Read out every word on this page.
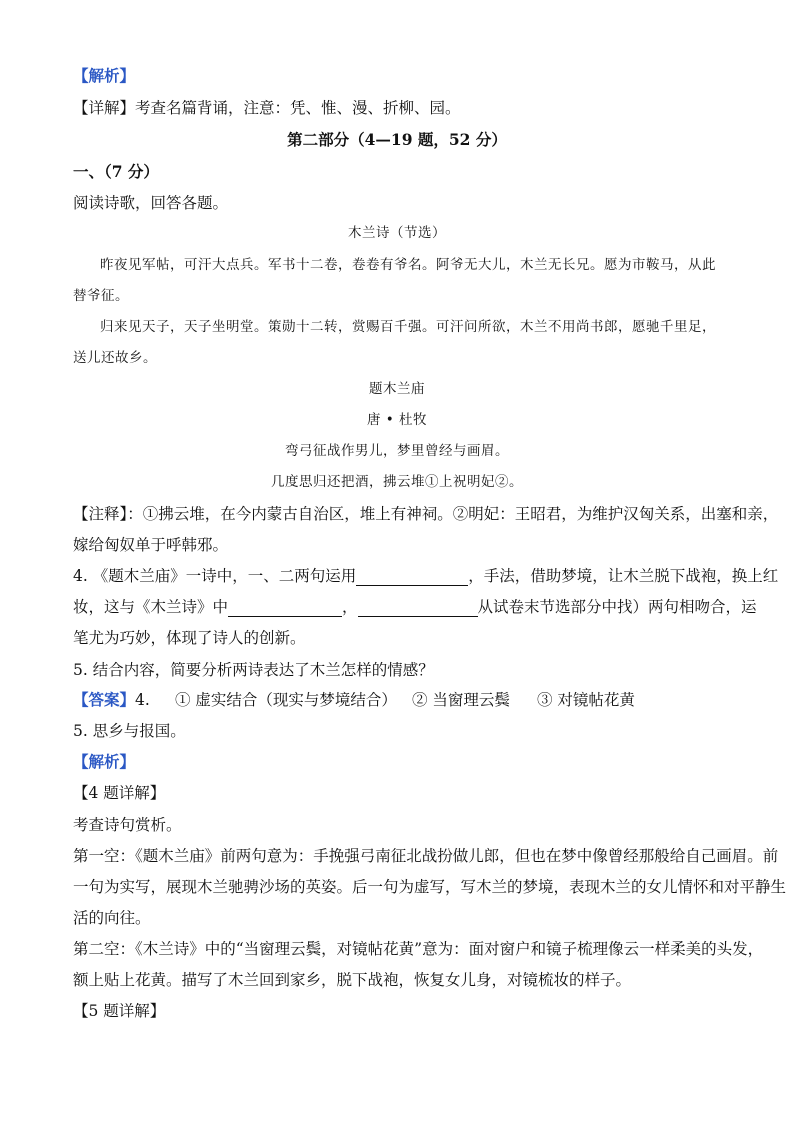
【解析】
【详解】考查名篇背诵，注意：凭、惟、漫、折柳、园。
第二部分（4—19 题，52 分）
一、（7 分）
阅读诗歌，回答各题。
木兰诗（节选）
昨夜见军帖，可汗大点兵。军书十二卷，卷卷有爷名。阿爷无大儿，木兰无长兄。愿为市鞍马，从此
替爷征。
归来见天子，天子坐明堂。策勋十二转，赏赐百千强。可汗问所欲，木兰不用尚书郎，愿驰千里足，
送儿还故乡。
题木兰庙
唐 • 杜牧
弯弓征战作男儿，梦里曾经与画眉。
几度思归还把酒，拂云堆①上祝明妃②。
【注释】：①拂云堆，在今内蒙古自治区，堆上有神祠。②明妃：王昭君，为维护汉匈关系，出塞和亲，
嫁给匈奴单于呼韩邪。
4. 《题木兰庙》一诗中，一、二两句运用	，手法，借助梦境，让木兰脱下战袍，换上红
妆，这与《木兰诗》中	，	从试卷末节选部分中找）两句相吻合，运
笔尤为巧妙，体现了诗人的创新。
5. 结合内容，简要分析两诗表达了木兰怎样的情感？
【答案】4. ① 虚实结合（现实与梦境结合） ② 当窗理云鬓 ③ 对镜帖花黄
5. 思乡与报国。
【解析】
【4 题详解】
考查诗句赏析。
第一空：《题木兰庙》前两句意为：手挽强弓南征北战扮做儿郎，但也在梦中像曾经那般给自己画眉。前
一句为实写，展现木兰驰骋沙场的英姿。后一句为虚写，写木兰的梦境，表现木兰的女儿情怀和对平静生
活的向往。
第二空：《木兰诗》中的“当窗理云鬓，对镜帖花黄”意为：面对窗户和镜子梳理像云一样柔美的头发，
额上贴上花黄。描写了木兰回到家乡，脱下战袍，恢复女儿身，对镜梳妆的样子。
【5 题详解】
